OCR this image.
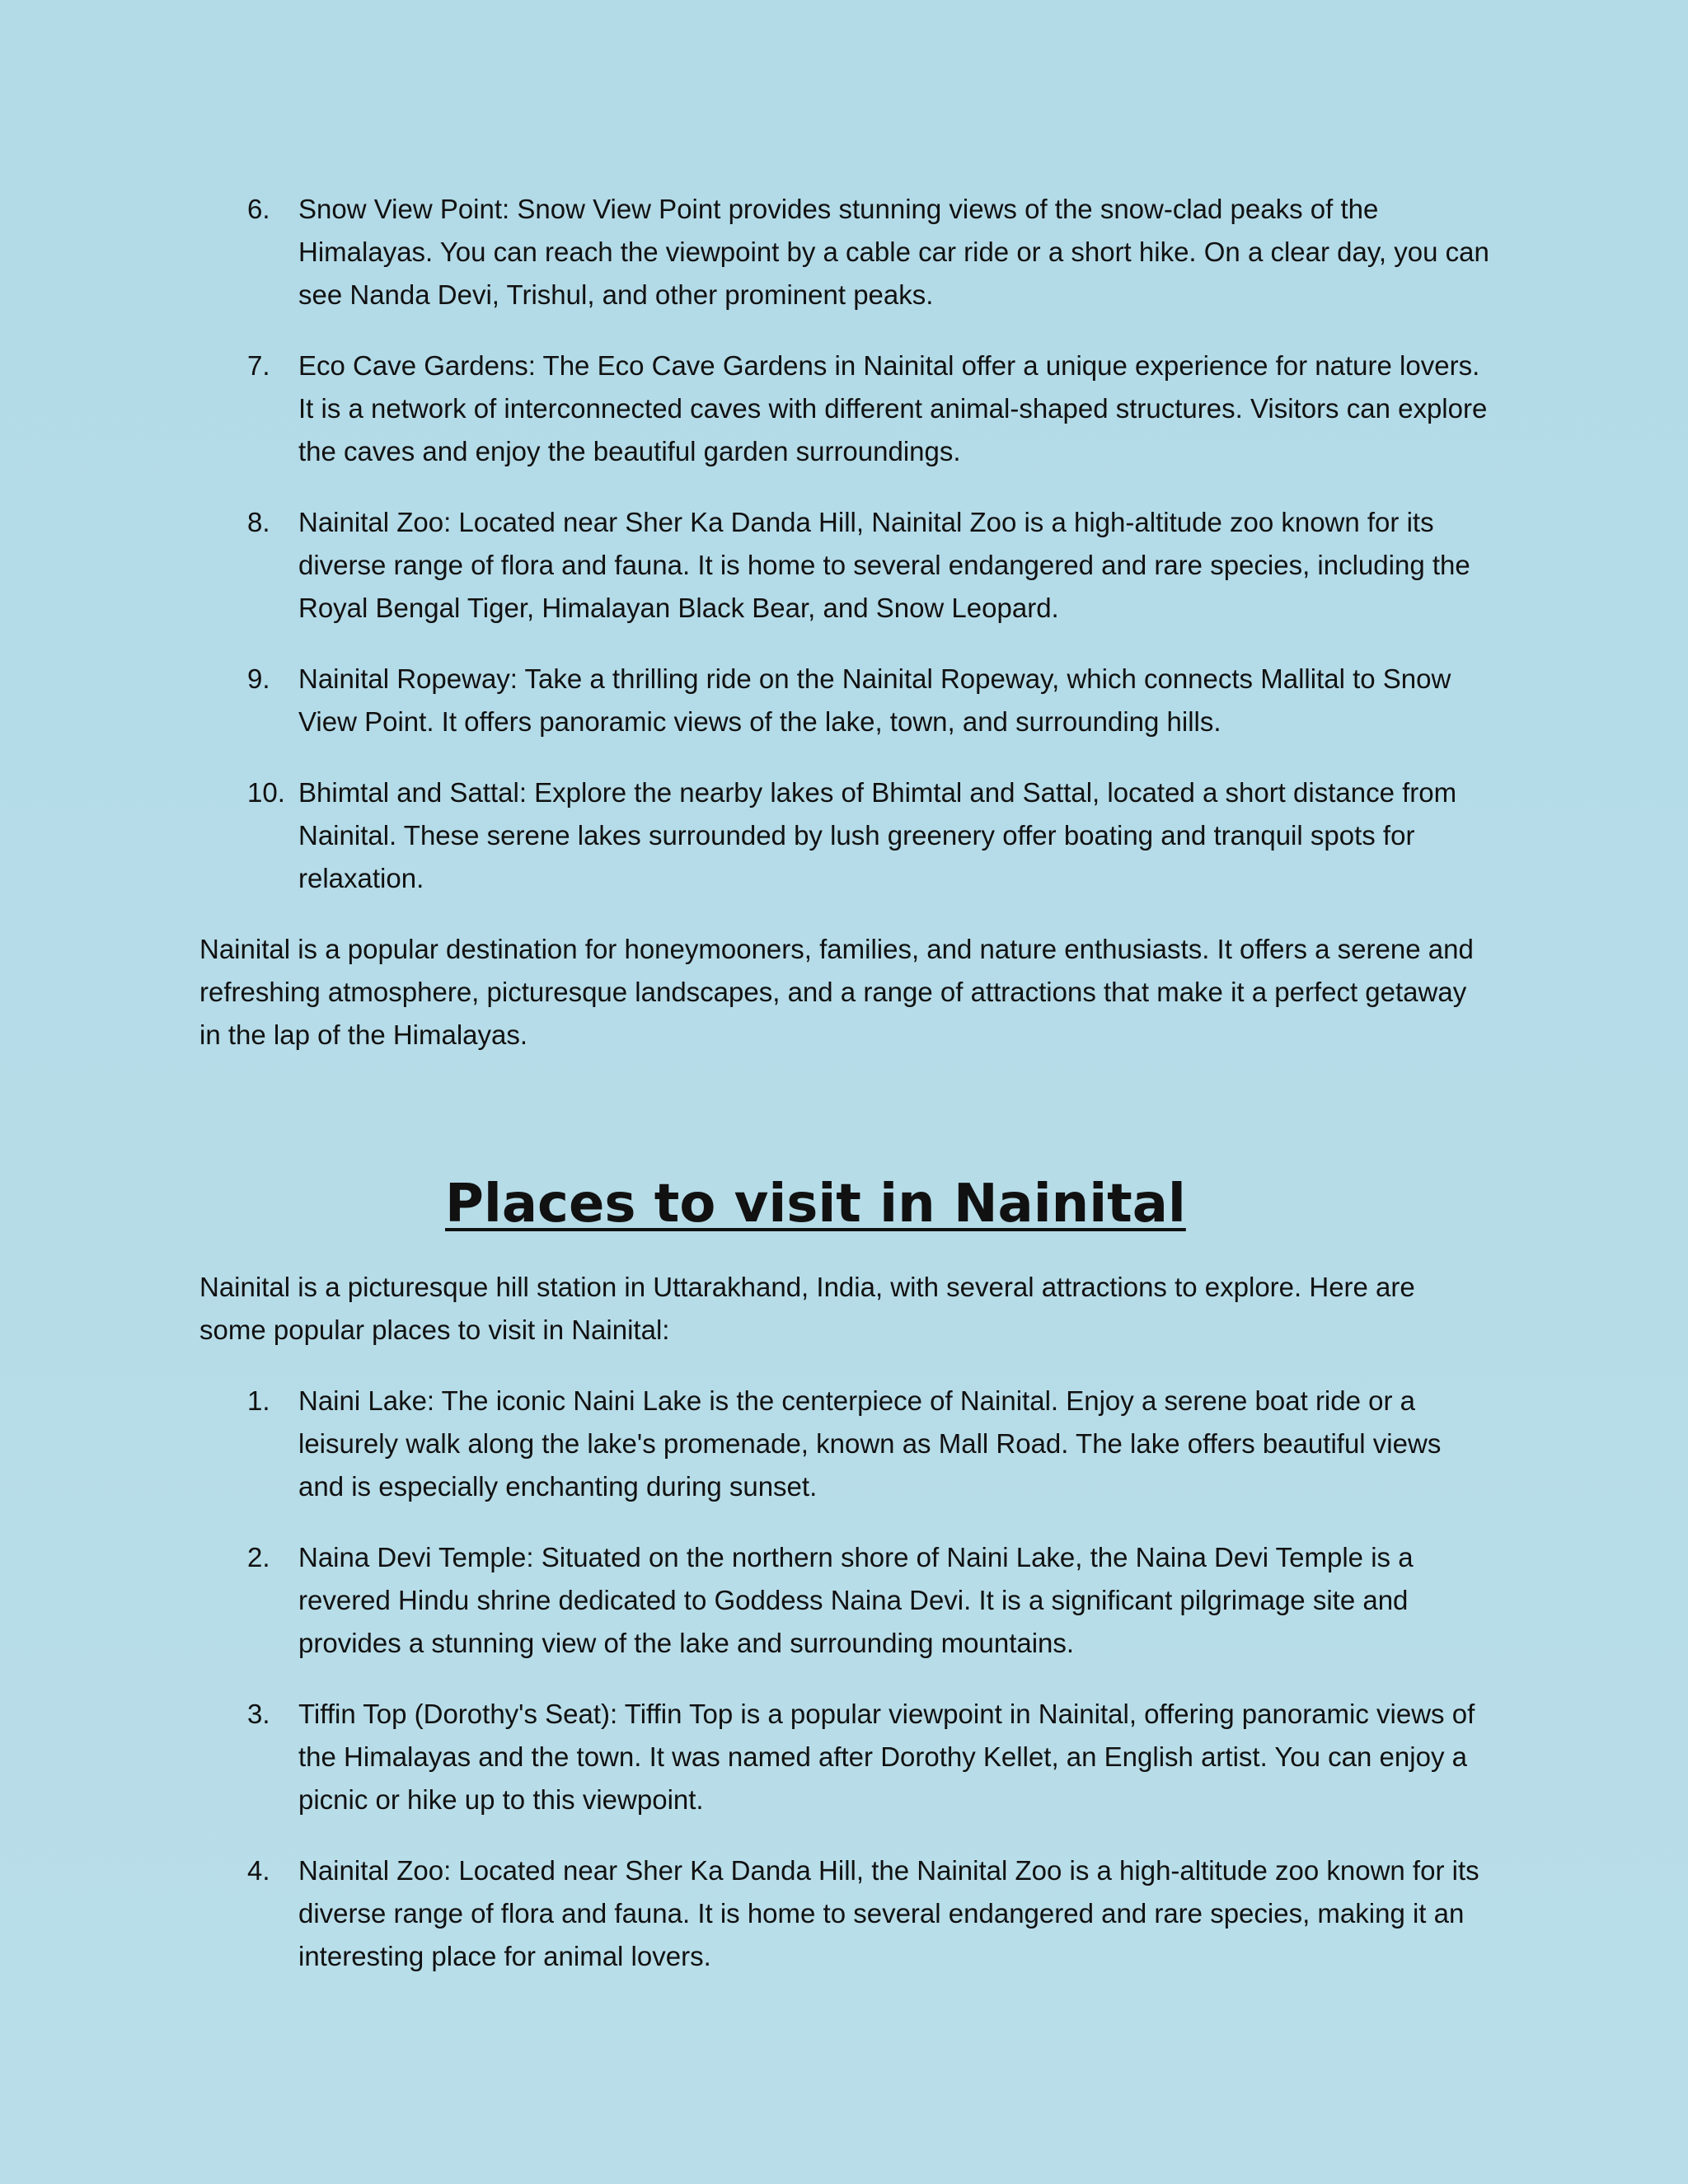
6.	Snow View Point: Snow View Point provides stunning views of the snow-clad peaks of the Himalayas. You can reach the viewpoint by a cable car ride or a short hike. On a clear day, you can see Nanda Devi, Trishul, and other prominent peaks.
7.	Eco Cave Gardens: The Eco Cave Gardens in Nainital offer a unique experience for nature lovers. It is a network of interconnected caves with different animal-shaped structures. Visitors can explore the caves and enjoy the beautiful garden surroundings.
8.	Nainital Zoo: Located near Sher Ka Danda Hill, Nainital Zoo is a high-altitude zoo known for its diverse range of flora and fauna. It is home to several endangered and rare species, including the Royal Bengal Tiger, Himalayan Black Bear, and Snow Leopard.
9.	Nainital Ropeway: Take a thrilling ride on the Nainital Ropeway, which connects Mallital to Snow View Point. It offers panoramic views of the lake, town, and surrounding hills.
10. Bhimtal and Sattal: Explore the nearby lakes of Bhimtal and Sattal, located a short distance from Nainital. These serene lakes surrounded by lush greenery offer boating and tranquil spots for relaxation.

Nainital is a popular destination for honeymooners, families, and nature enthusiasts. It offers a serene and refreshing atmosphere, picturesque landscapes, and a range of attractions that make it a perfect getaway in the lap of the Himalayas.

Places to visit in Nainital

Nainital is a picturesque hill station in Uttarakhand, India, with several attractions to explore. Here are some popular places to visit in Nainital:

1.	Naini Lake: The iconic Naini Lake is the centerpiece of Nainital. Enjoy a serene boat ride or a leisurely walk along the lake's promenade, known as Mall Road. The lake offers beautiful views and is especially enchanting during sunset.
2.	Naina Devi Temple: Situated on the northern shore of Naini Lake, the Naina Devi Temple is a revered Hindu shrine dedicated to Goddess Naina Devi. It is a significant pilgrimage site and provides a stunning view of the lake and surrounding mountains.
3.	Tiffin Top (Dorothy's Seat): Tiffin Top is a popular viewpoint in Nainital, offering panoramic views of the Himalayas and the town. It was named after Dorothy Kellet, an English artist. You can enjoy a picnic or hike up to this viewpoint.
4.	Nainital Zoo: Located near Sher Ka Danda Hill, the Nainital Zoo is a high-altitude zoo known for its diverse range of flora and fauna. It is home to several endangered and rare species, making it an interesting place for animal lovers.
